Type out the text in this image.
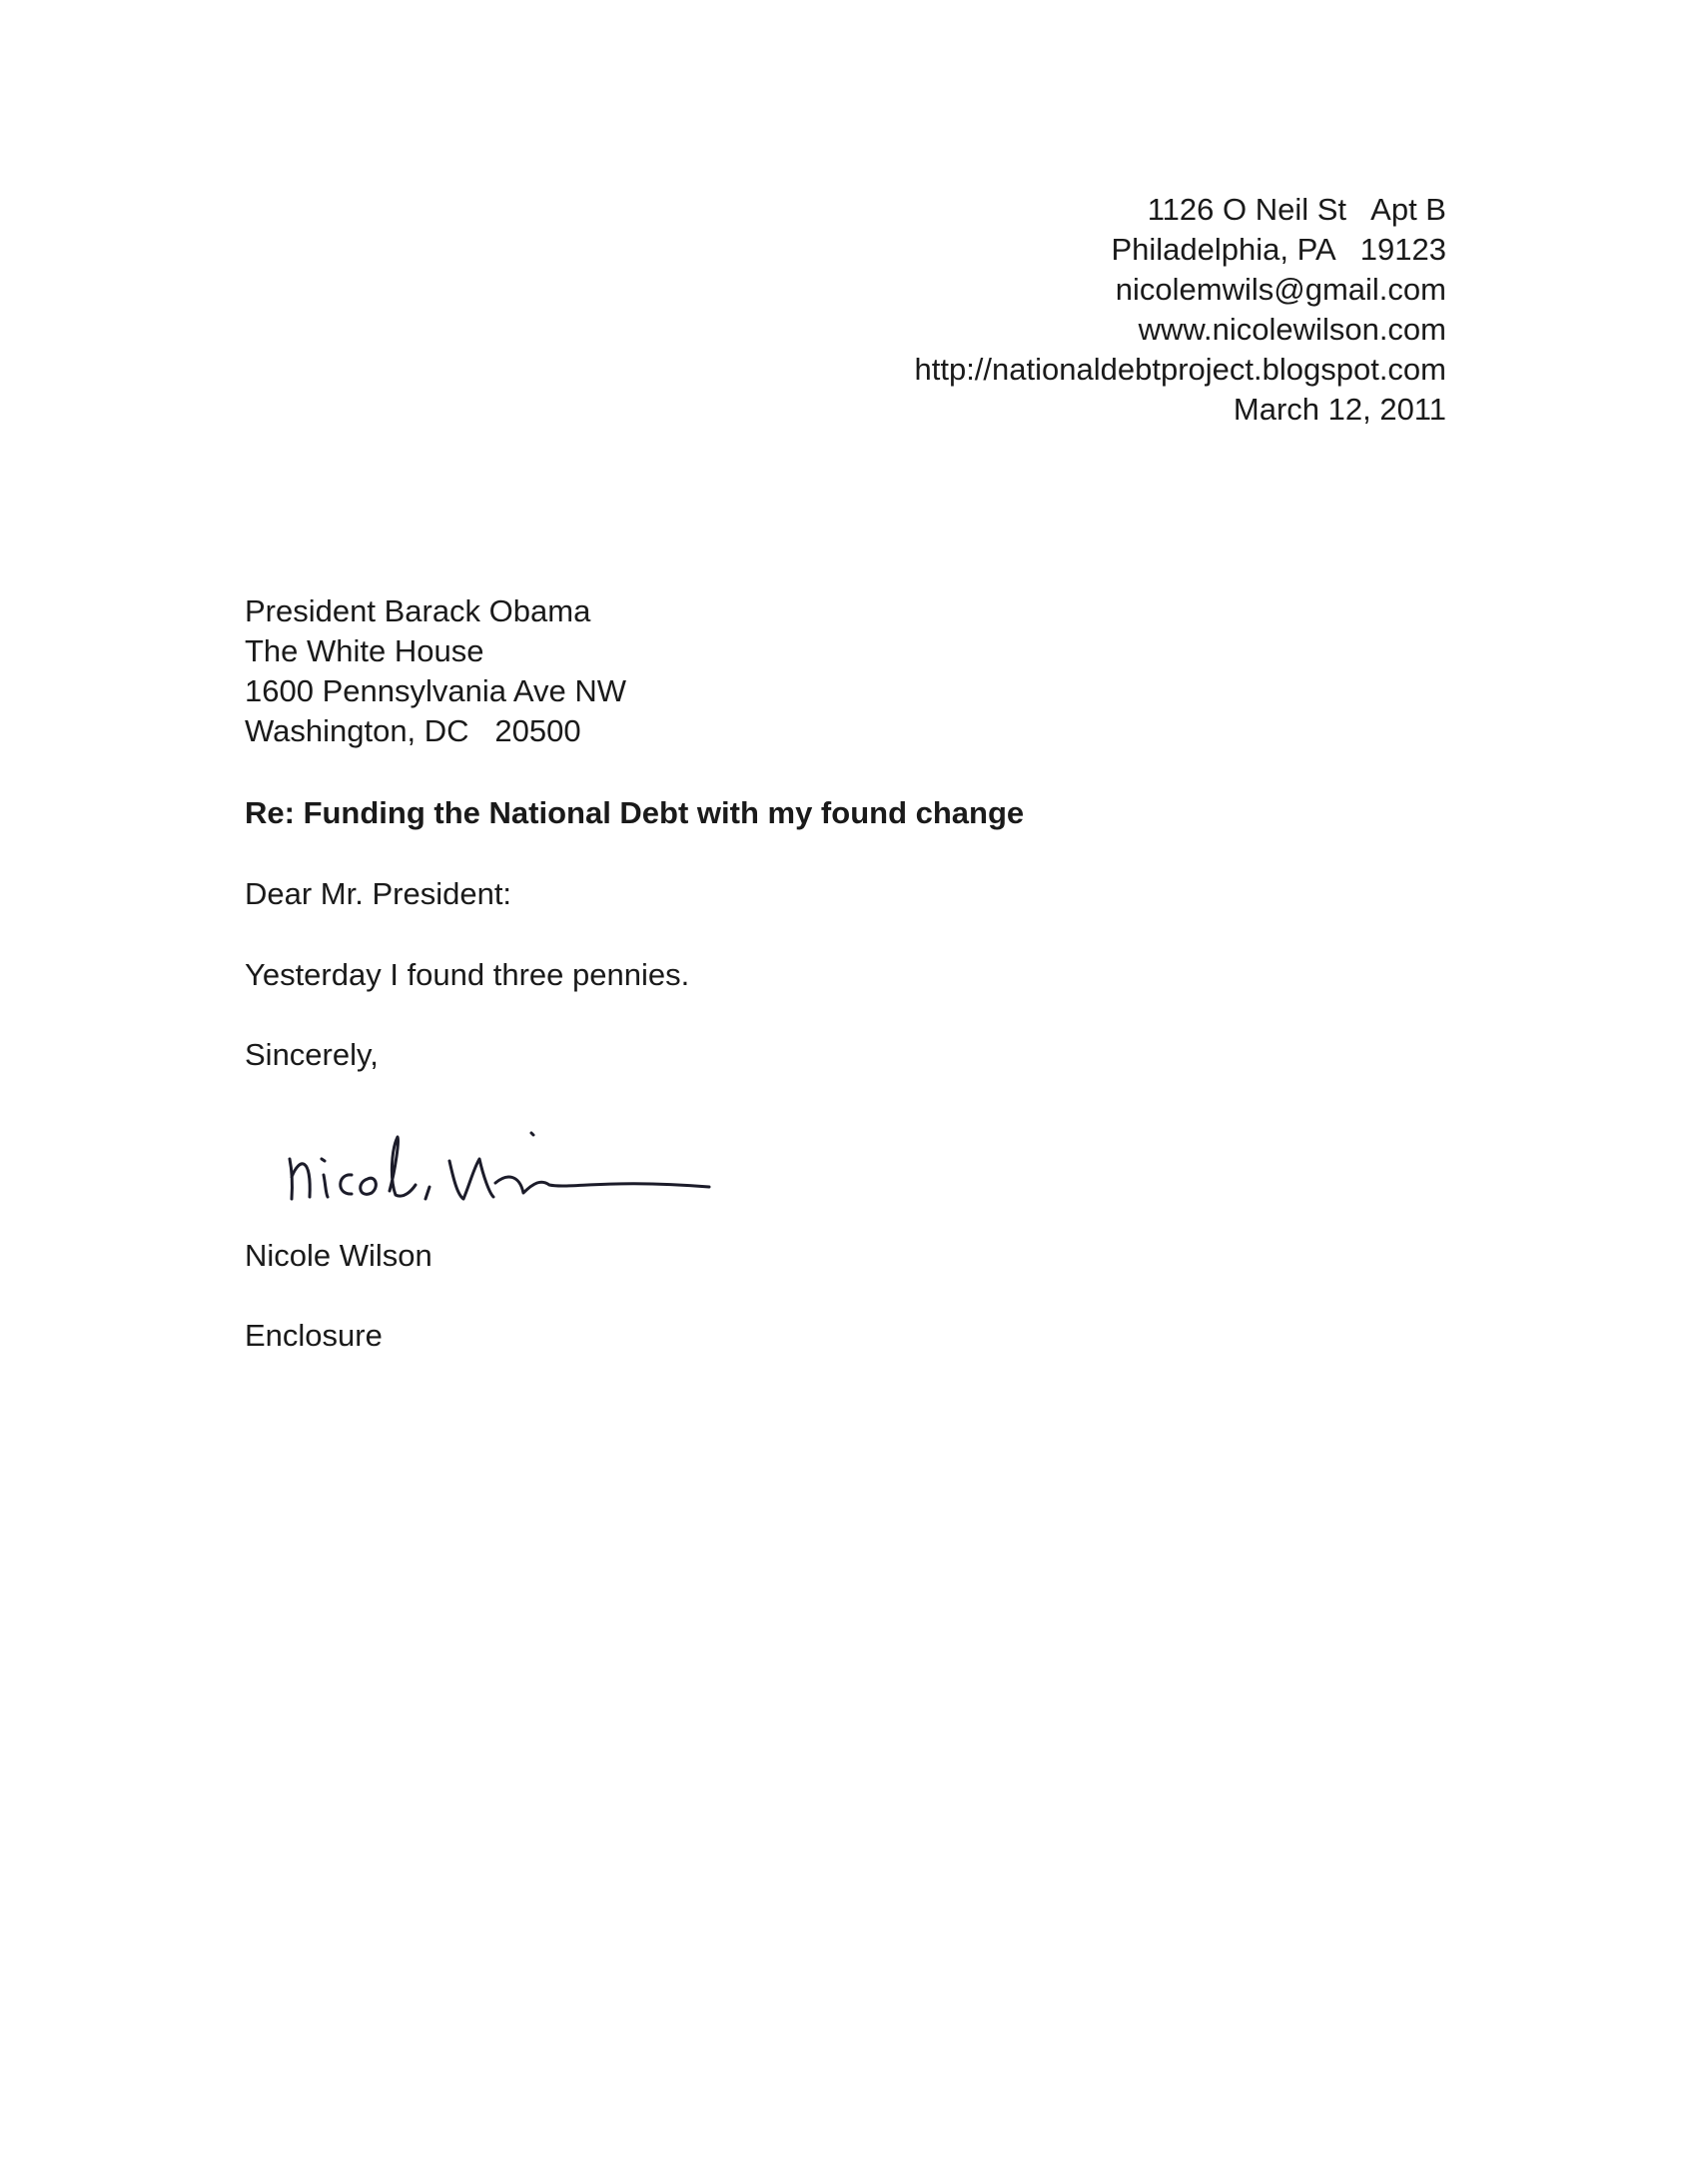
1126 O Neil St   Apt B
Philadelphia, PA   19123
nicolemwils@gmail.com
www.nicolewilson.com
http://nationaldebtproject.blogspot.com
March 12, 2011
President Barack Obama
The White House
1600 Pennsylvania Ave NW
Washington, DC   20500
Re: Funding the National Debt with my found change
Dear Mr. President:
Yesterday I found three pennies.
Sincerely,
Nicole Wilson
Enclosure
